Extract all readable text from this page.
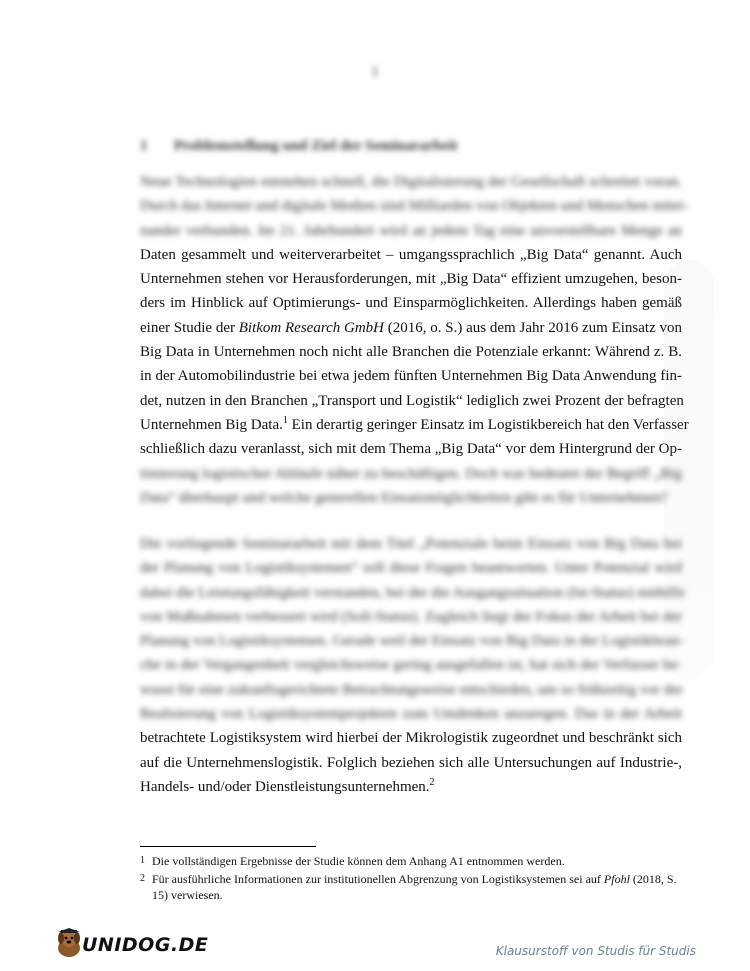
1
1 Problemstellung und Ziel der Seminararbeit
Neue Technologien entstehen schnell, die Digitalisierung der Gesellschaft schreitet voran.
Durch das Internet und digitale Medien sind Milliarden von Objekten und Menschen mitei-
nander verbunden. Im 21. Jahrhundert wird an jedem Tag eine unvorstellbare Menge an
Daten gesammelt und weiterverarbeitet – umgangssprachlich „Big Data“ genannt. Auch
Unternehmen stehen vor Herausforderungen, mit „Big Data“ effizient umzugehen, beson-
ders im Hinblick auf Optimierungs- und Einsparmöglichkeiten. Allerdings haben gemäß
einer Studie der Bitkom Research GmbH (2016, o. S.) aus dem Jahr 2016 zum Einsatz von
Big Data in Unternehmen noch nicht alle Branchen die Potenziale erkannt: Während z. B.
in der Automobilindustrie bei etwa jedem fünften Unternehmen Big Data Anwendung fin-
det, nutzen in den Branchen „Transport und Logistik“ lediglich zwei Prozent der befragten
Unternehmen Big Data.$^1$ Ein derartig geringer Einsatz im Logistikbereich hat den Verfasser
schließlich dazu veranlasst, sich mit dem Thema „Big Data“ vor dem Hintergrund der Op-
timierung logistischer Abläufe näher zu beschäftigen. Doch was bedeutet der Begriff „Big
Data“ überhaupt und welche generellen Einsatzmöglichkeiten gibt es für Unternehmen?
Die vorliegende Seminararbeit mit dem Titel „Potenziale beim Einsatz von Big Data bei
der Planung von Logistiksystemen“ soll diese Fragen beantworten. Unter Potenzial wird
dabei die Leistungsfähigkeit verstanden, bei der die Ausgangssituation (Ist-Status) mithilfe
von Maßnahmen verbessert wird (Soll-Status). Zugleich liegt der Fokus der Arbeit bei der
Planung von Logistiksystemen. Gerade weil der Einsatz von Big Data in der Logistikbran-
che in der Vergangenheit vergleichsweise gering ausgefallen ist, hat sich der Verfasser be-
wusst für eine zukunftsgerichtete Betrachtungsweise entschieden, um so frühzeitig vor der
Realisierung von Logistiksystemprojekten zum Umdenken anzuregen. Das in der Arbeit
betrachtete Logistiksystem wird hierbei der Mikrologistik zugeordnet und beschränkt sich
auf die Unternehmenslogistik. Folglich beziehen sich alle Untersuchungen auf Industrie-,
Handels- und/oder Dienstleistungsunternehmen.$^2$
1 Die vollständigen Ergebnisse der Studie können dem Anhang A1 entnommen werden.
2 Für ausführliche Informationen zur institutionellen Abgrenzung von Logistiksystemen sei auf Pfohl (2018, S. 15) verwiesen.
UNIDOG.DE	Klausurstoff von Studis für Studis
